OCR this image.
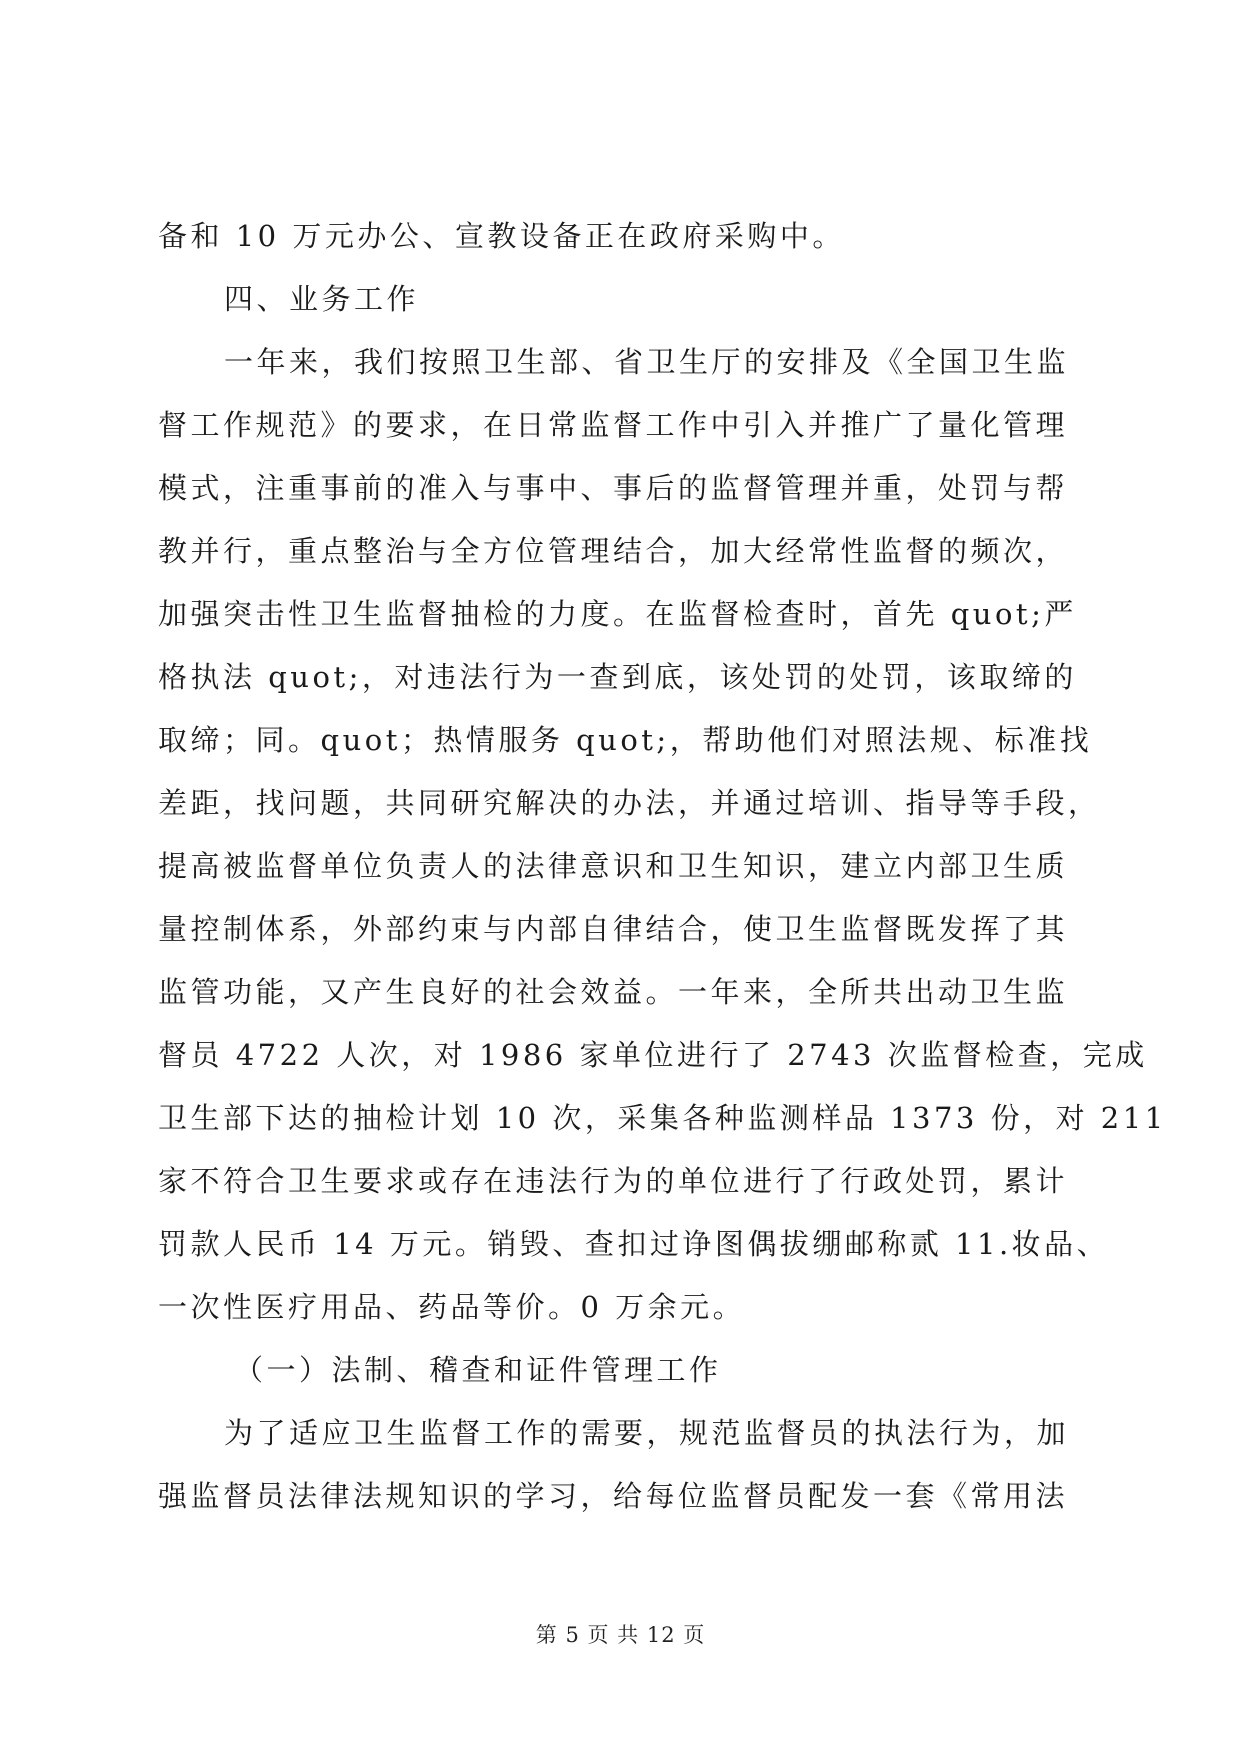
备和 10 万元办公、宣教设备正在政府采购中。
四、业务工作
一年来，我们按照卫生部、省卫生厅的安排及《全国卫生监
督工作规范》的要求，在日常监督工作中引入并推广了量化管理
模式，注重事前的准入与事中、事后的监督管理并重，处罚与帮
教并行，重点整治与全方位管理结合，加大经常性监督的频次，
加强突击性卫生监督抽检的力度。在监督检查时，首先 quot;严
格执法 quot;，对违法行为一查到底，该处罚的处罚，该取缔的
取缔；同。quot；热情服务 quot;，帮助他们对照法规、标准找
差距，找问题，共同研究解决的办法，并通过培训、指导等手段，
提高被监督单位负责人的法律意识和卫生知识，建立内部卫生质
量控制体系，外部约束与内部自律结合，使卫生监督既发挥了其
监管功能，又产生良好的社会效益。一年来，全所共出动卫生监
督员 4722 人次，对 1986 家单位进行了 2743 次监督检查，完成
卫生部下达的抽检计划 10 次，采集各种监测样品 1373 份，对 211
家不符合卫生要求或存在违法行为的单位进行了行政处罚，累计
罚款人民币 14 万元。销毁、查扣过诤图偶拔绷邮称贰 11.妆品、
一次性医疗用品、药品等价。0 万余元。
（一）法制、稽查和证件管理工作
为了适应卫生监督工作的需要，规范监督员的执法行为，加
强监督员法律法规知识的学习，给每位监督员配发一套《常用法
第 5 页 共 12 页
